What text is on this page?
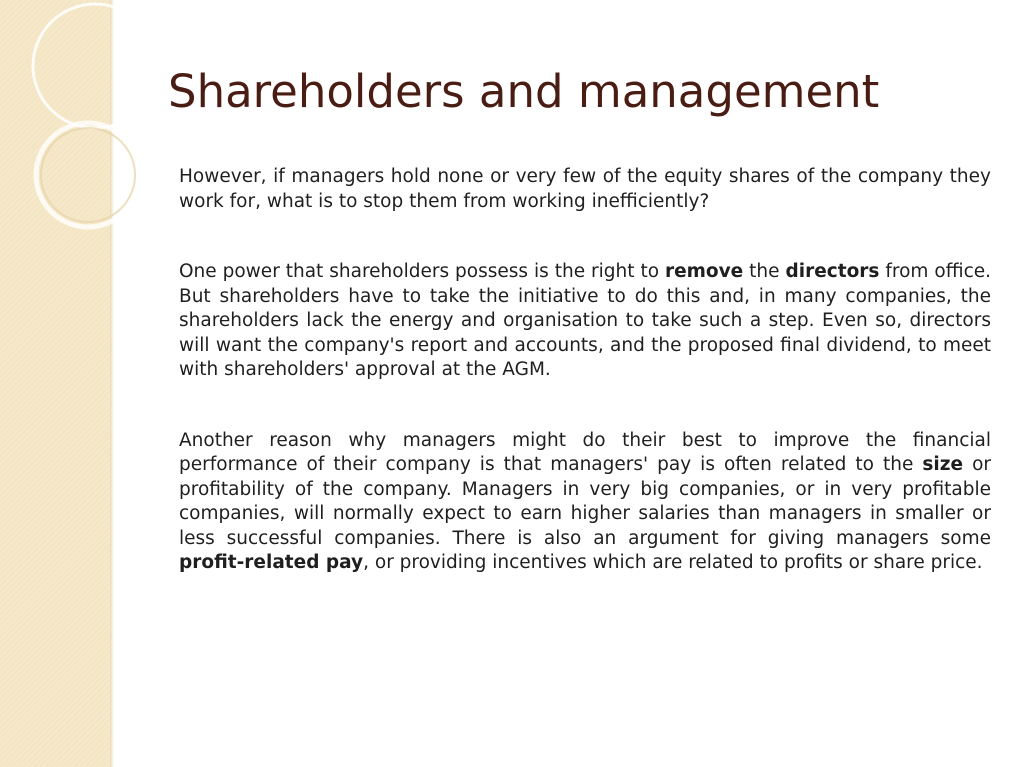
Shareholders and management

However, if managers hold none or very few of the equity shares of the company they work for, what is to stop them from working inefficiently?

One power that shareholders possess is the right to remove the directors from office. But shareholders have to take the initiative to do this and, in many companies, the shareholders lack the energy and organisation to take such a step. Even so, directors will want the company's report and accounts, and the proposed final dividend, to meet with shareholders' approval at the AGM.

Another reason why managers might do their best to improve the financial performance of their company is that managers' pay is often related to the size or profitability of the company. Managers in very big companies, or in very profitable companies, will normally expect to earn higher salaries than managers in smaller or less successful companies. There is also an argument for giving managers some profit-related pay, or providing incentives which are related to profits or share price.
